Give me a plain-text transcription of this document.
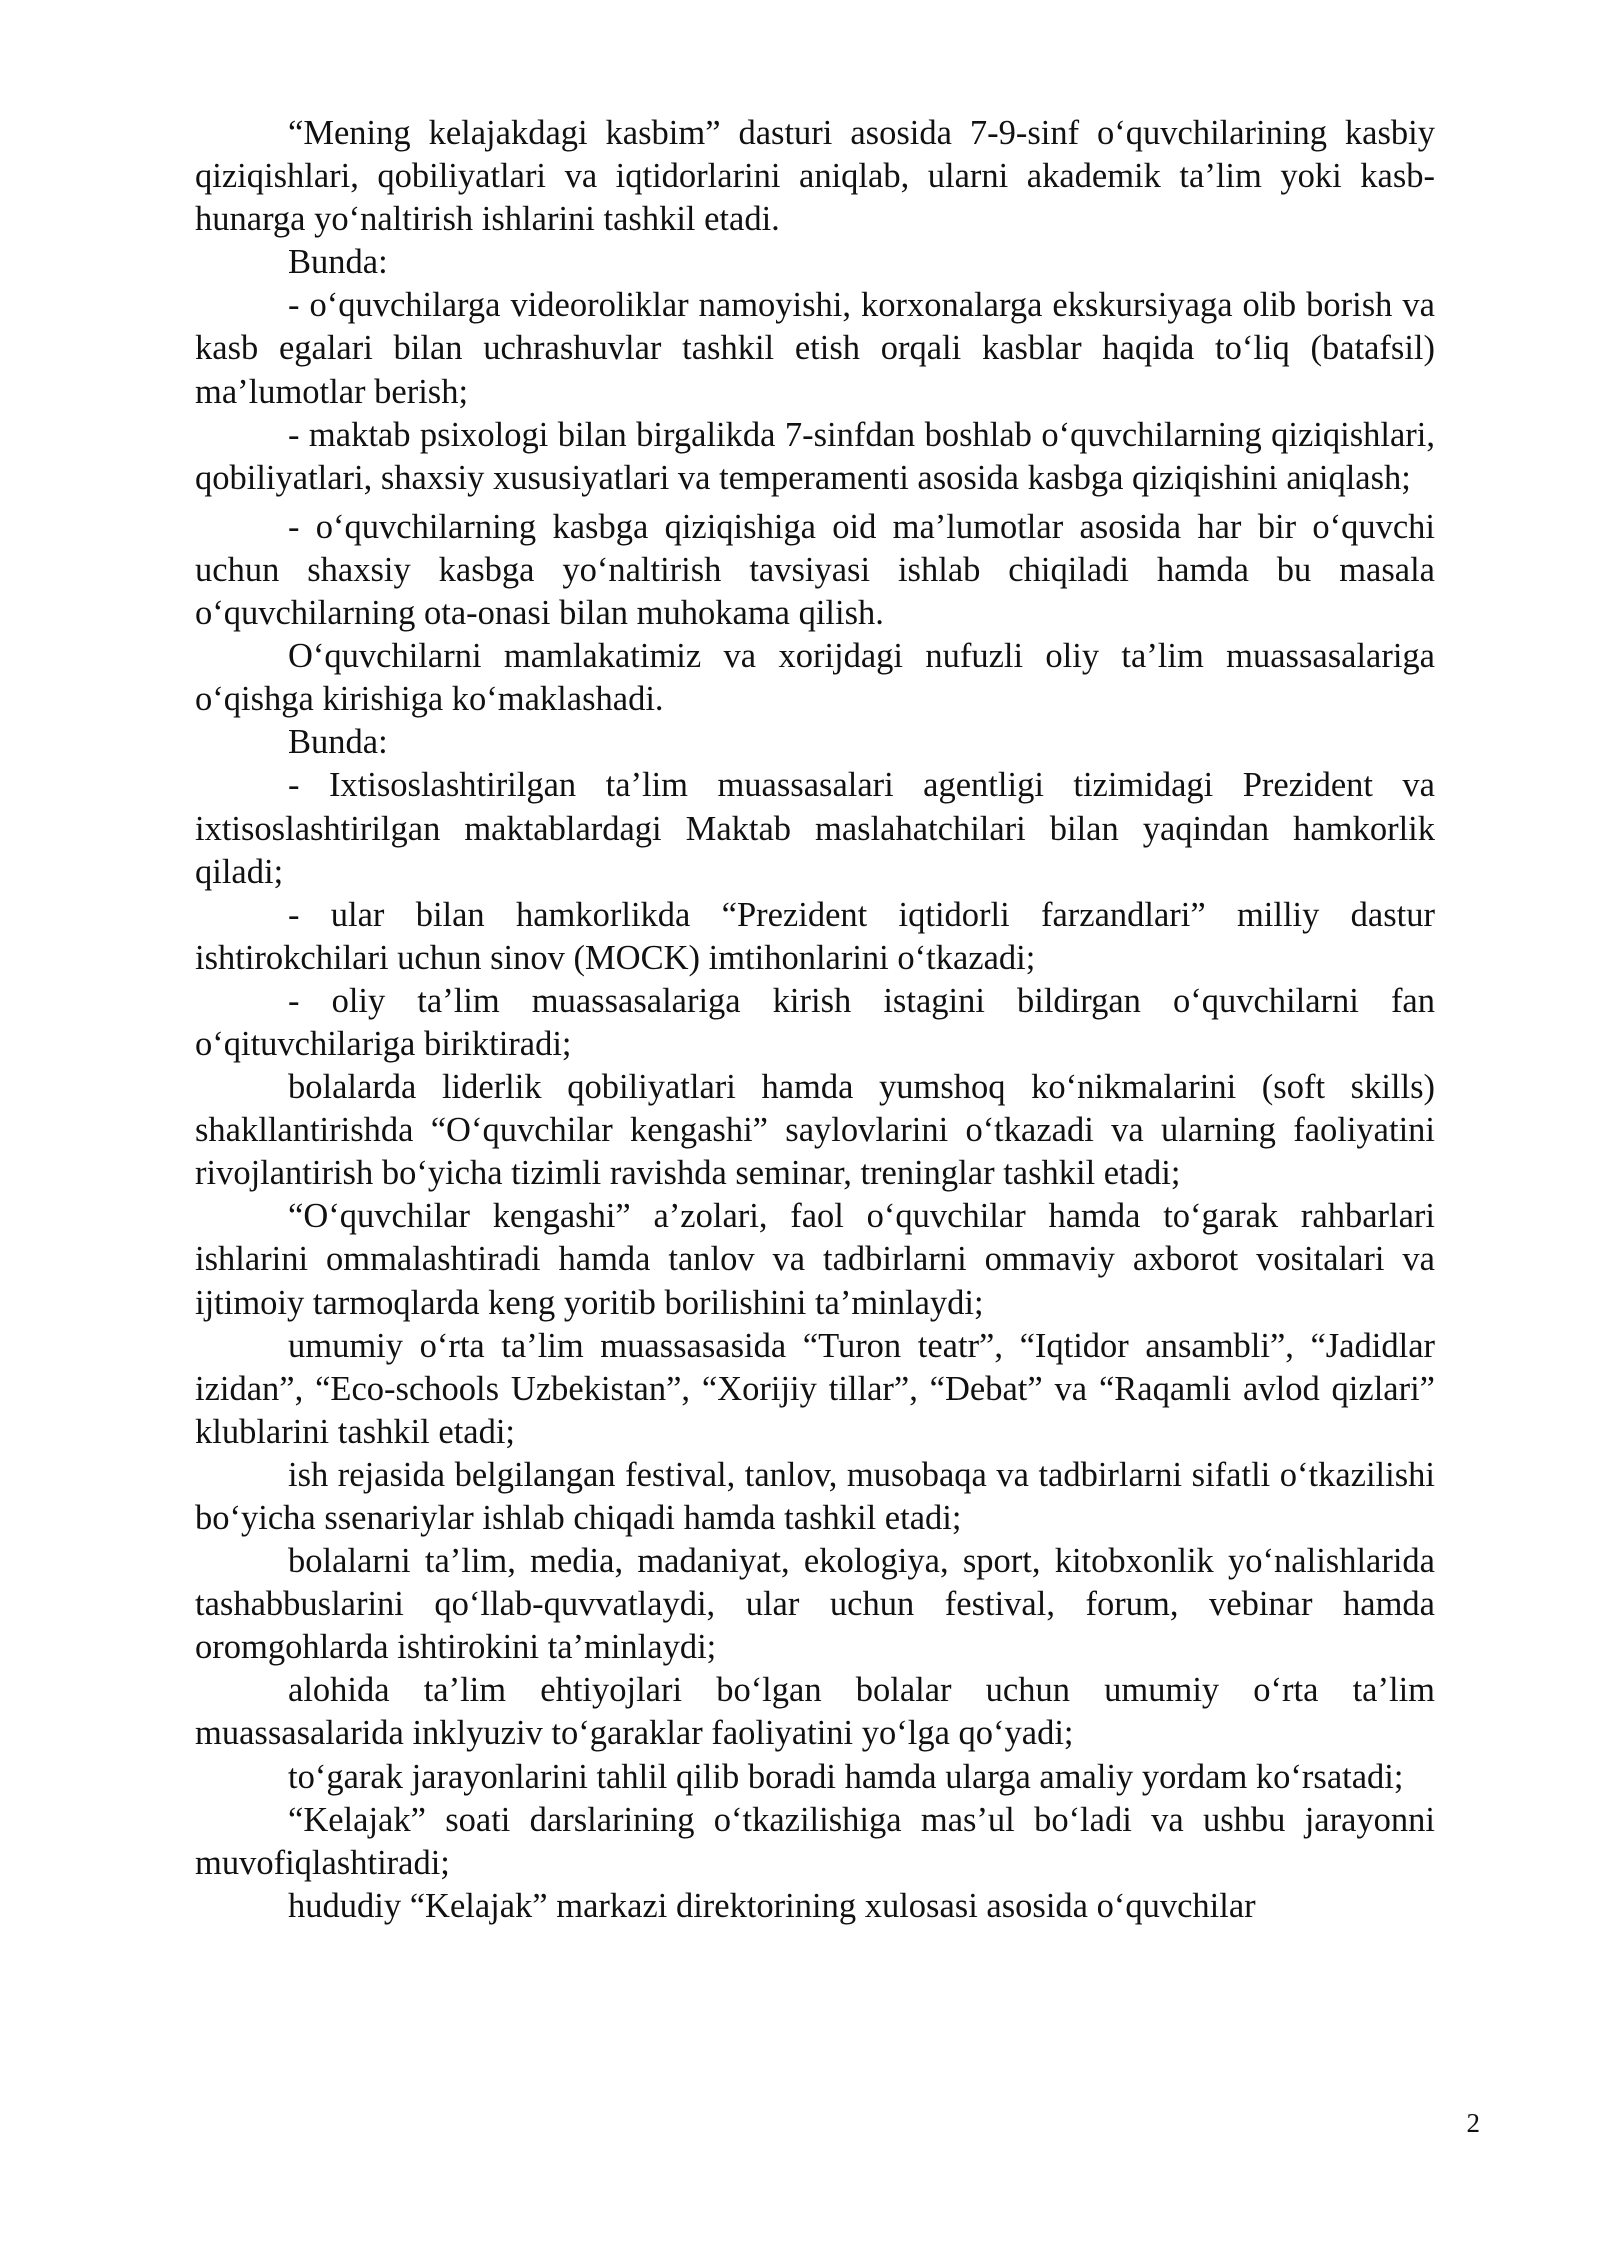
“Mening kelajakdagi kasbim” dasturi asosida 7-9-sinf o‘quvchilarining kasbiy qiziqishlari, qobiliyatlari va iqtidorlarini aniqlab, ularni akademik ta’lim yoki kasb-hunarga yo‘naltirish ishlarini tashkil etadi.

Bunda:

- o‘quvchilarga videoroliklar namoyishi, korxonalarga ekskursiyaga olib borish va kasb egalari bilan uchrashuvlar tashkil etish orqali kasblar haqida to‘liq (batafsil) ma’lumotlar berish;

- maktab psixologi bilan birgalikda 7-sinfdan boshlab o‘quvchilarning qiziqishlari, qobiliyatlari, shaxsiy xususiyatlari va temperamenti asosida kasbga qiziqishini aniqlash;

- o‘quvchilarning kasbga qiziqishiga oid ma’lumotlar asosida har bir o‘quvchi uchun shaxsiy kasbga yo‘naltirish tavsiyasi ishlab chiqiladi hamda bu masala o‘quvchilarning ota-onasi bilan muhokama qilish.

O‘quvchilarni mamlakatimiz va xorijdagi nufuzli oliy ta’lim muassasalariga o‘qishga kirishiga ko‘maklashadi.

Bunda:

- Ixtisoslashtirilgan ta’lim muassasalari agentligi tizimidagi Prezident va ixtisoslashtirilgan maktablardagi Maktab maslahatchilari bilan yaqindan hamkorlik qiladi;

- ular bilan hamkorlikda “Prezident iqtidorli farzandlari” milliy dastur ishtirokchilari uchun sinov (MOCK) imtihonlarini o‘tkazadi;

- oliy ta’lim muassasalariga kirish istagini bildirgan o‘quvchilarni fan o‘qituvchilariga biriktiradi;

bolalarda liderlik qobiliyatlari hamda yumshoq ko‘nikmalarini (soft skills) shakllantirishda “O‘quvchilar kengashi” saylovlarini o‘tkazadi va ularning faoliyatini rivojlantirish bo‘yicha tizimli ravishda seminar, treninglar tashkil etadi;

“O‘quvchilar kengashi” a’zolari, faol o‘quvchilar hamda to‘garak rahbarlari ishlarini ommalashtiradi hamda tanlov va tadbirlarni ommaviy axborot vositalari va ijtimoiy tarmoqlarda keng yoritib borilishini ta’minlaydi;

umumiy o‘rta ta’lim muassasasida “Turon teatr”, “Iqtidor ansambli”, “Jadidlar izidan”, “Eco-schools Uzbekistan”, “Xorijiy tillar”, “Debat” va “Raqamli avlod qizlari” klublarini tashkil etadi;

ish rejasida belgilangan festival, tanlov, musobaqa va tadbirlarni sifatli o‘tkazilishi bo‘yicha ssenariylar ishlab chiqadi hamda tashkil etadi;

bolalarni ta’lim, media, madaniyat, ekologiya, sport, kitobxonlik yo‘nalishlarida tashabbuslarini qo‘llab-quvvatlaydi, ular uchun festival, forum, vebinar hamda oromgohlarda ishtirokini ta’minlaydi;

alohida ta’lim ehtiyojlari bo‘lgan bolalar uchun umumiy o‘rta ta’lim muassasalarida inklyuziv to‘garaklar faoliyatini yo‘lga qo‘yadi;

to‘garak jarayonlarini tahlil qilib boradi hamda ularga amaliy yordam ko‘rsatadi;

“Kelajak” soati darslarining o‘tkazilishiga mas’ul bo‘ladi va ushbu jarayonni muvofiqlashtiradi;

hududiy “Kelajak” markazi direktorining xulosasi asosida o‘quvchilar

2
